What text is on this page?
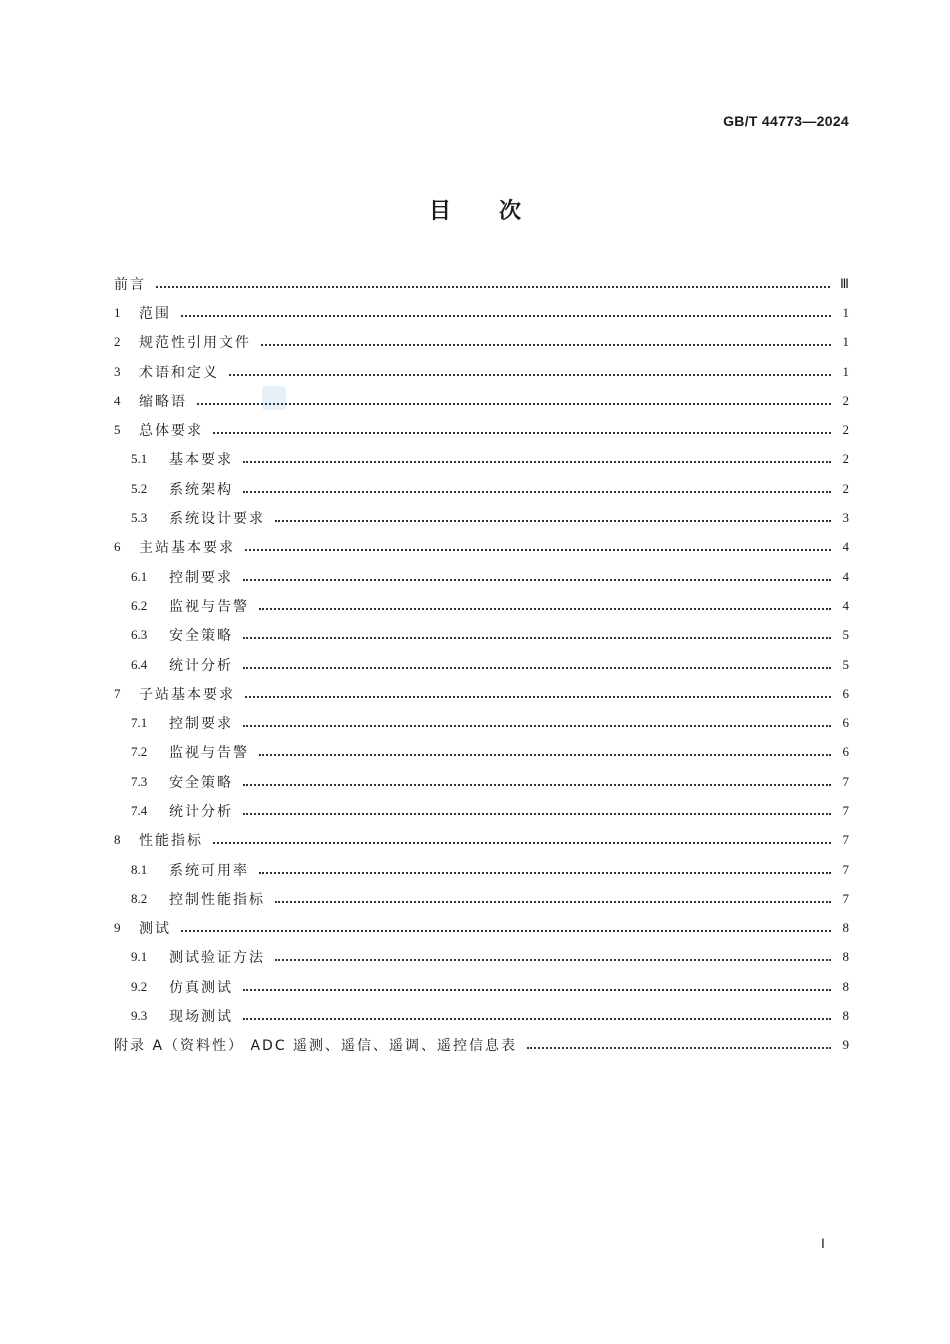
GB/T 44773—2024
目次
前言	Ⅲ
1	范围	1
2	规范性引用文件	1
3	术语和定义	1
4	缩略语	2
5	总体要求	2
5.1	基本要求	2
5.2	系统架构	2
5.3	系统设计要求	3
6	主站基本要求	4
6.1	控制要求	4
6.2	监视与告警	4
6.3	安全策略	5
6.4	统计分析	5
7	子站基本要求	6
7.1	控制要求	6
7.2	监视与告警	6
7.3	安全策略	7
7.4	统计分析	7
8	性能指标	7
8.1	系统可用率	7
8.2	控制性能指标	7
9	测试	8
9.1	测试验证方法	8
9.2	仿真测试	8
9.3	现场测试	8
附录 A（资料性） ADC 遥测、遥信、遥调、遥控信息表	9
Ⅰ
